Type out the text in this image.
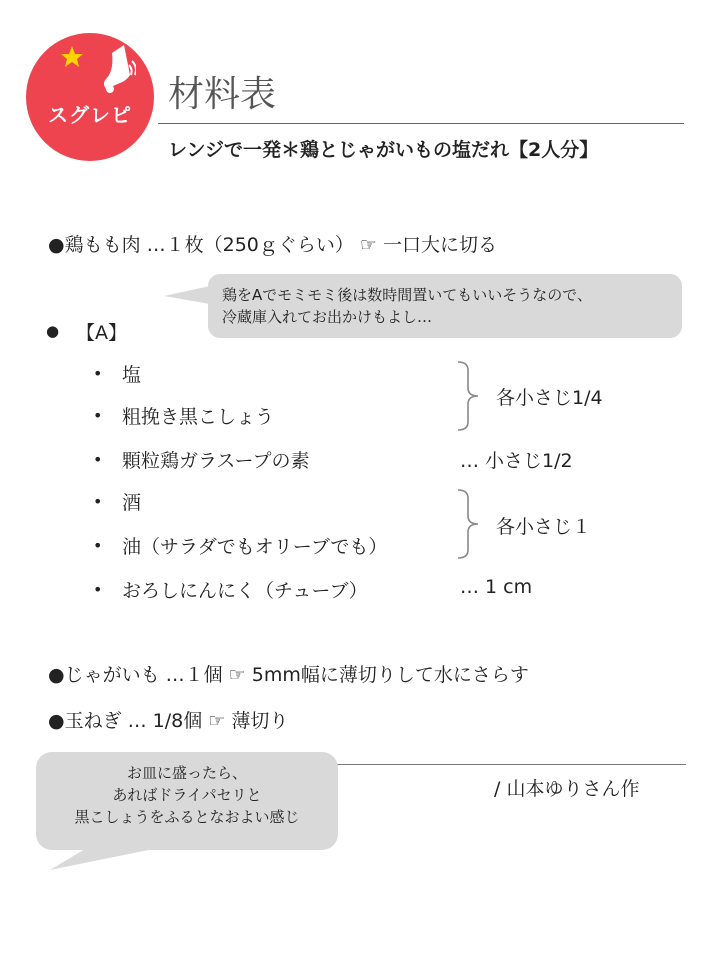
スグレピ	材料表
レンジで一発＊鶏とじゃがいもの塩だれ【2人分】
●鶏もも肉 …１枚（250ｇぐらい） ☞ 一口大に切る
鶏をAでモミモミ後は数時間置いてもいいそうなので、
冷蔵庫入れてお出かけもよし…
● 【A】
• 塩
• 粗挽き黒こしょう
• 顆粒鶏ガラスープの素
• 酒
• 油（サラダでもオリーブでも）
• おろしにんにく（チューブ）
各小さじ1/4
… 小さじ1/2
各小さじ１
… 1 cm
●じゃがいも …１個 ☞ 5mm幅に薄切りして水にさらす
●玉ねぎ … 1/8個 ☞ 薄切り
/ 山本ゆりさん作
お皿に盛ったら、
あればドライパセリと
黒こしょうをふるとなおよい感じ
